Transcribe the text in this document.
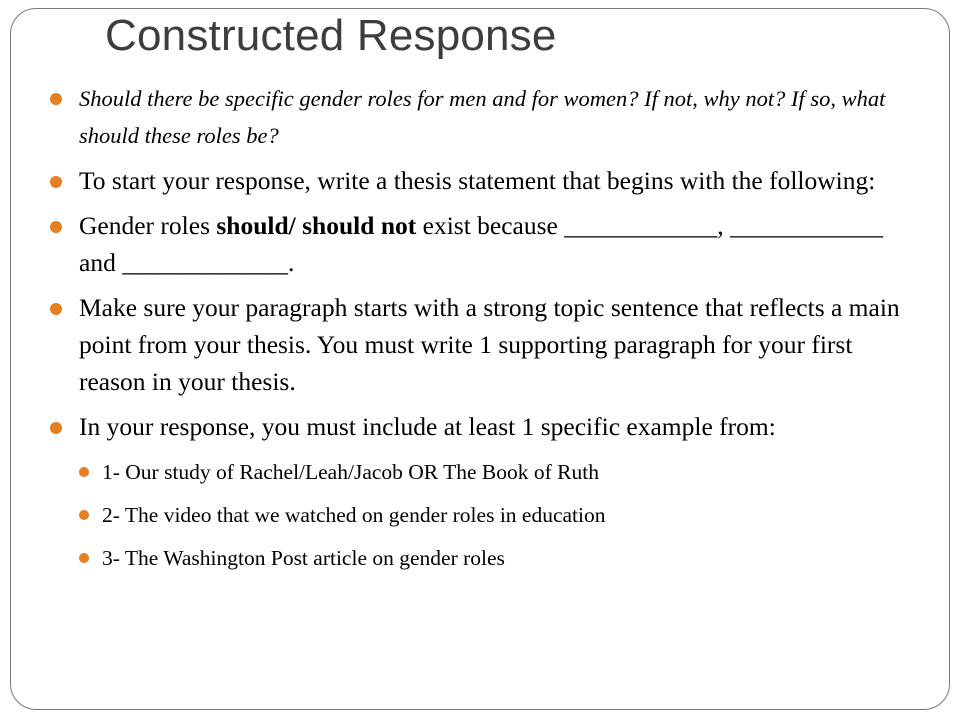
Constructed Response
Should there be specific gender roles for men and for women? If not, why not? If so, what should these roles be?
To start your response, write a thesis statement that begins with the following:
Gender roles should/ should not exist because ____________, ____________ and _____________.
Make sure your paragraph starts with a strong topic sentence that reflects a main point from your thesis. You must write 1 supporting paragraph for your first reason in your thesis.
In your response, you must include at least 1 specific example from:
1- Our study of Rachel/Leah/Jacob OR The Book of Ruth
2- The video that we watched on gender roles in education
3- The Washington Post article on gender roles
